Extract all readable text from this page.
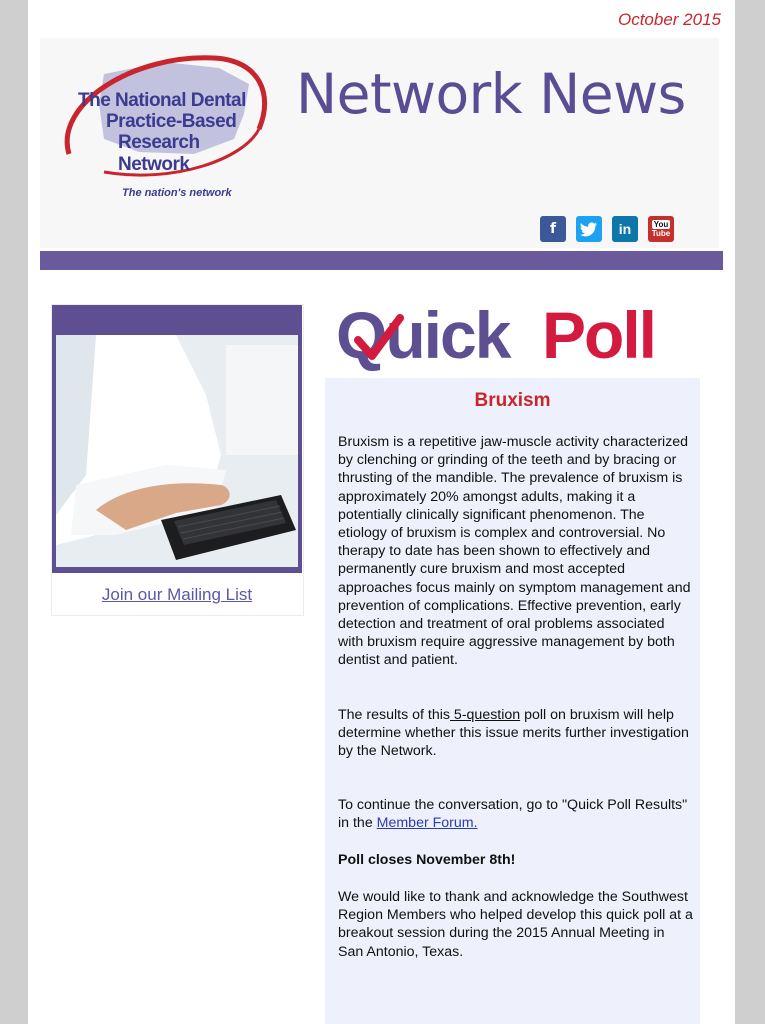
October 2015
The National Dental
Practice-Based
Research Network
The nation's network
Network News
f	in	You
Tube
Join our Mailing List
Quick Poll
Bruxism
Bruxism is a repetitive jaw-muscle activity characterized by clenching or grinding of the teeth and by bracing or thrusting of the mandible. The prevalence of bruxism is approximately 20% amongst adults, making it a potentially clinically significant phenomenon. The etiology of bruxism is complex and controversial. No therapy to date has been shown to effectively and permanently cure bruxism and most accepted approaches focus mainly on symptom management and prevention of complications. Effective prevention, early detection and treatment of oral problems associated with bruxism require aggressive management by both dentist and patient.
The results of this 5-question poll on bruxism will help determine whether this issue merits further investigation by the Network.
To continue the conversation, go to "Quick Poll Results" in the Member Forum.
Poll closes November 8th!
We would like to thank and acknowledge the Southwest Region Members who helped develop this quick poll at a breakout session during the 2015 Annual Meeting in San Antonio, Texas.
